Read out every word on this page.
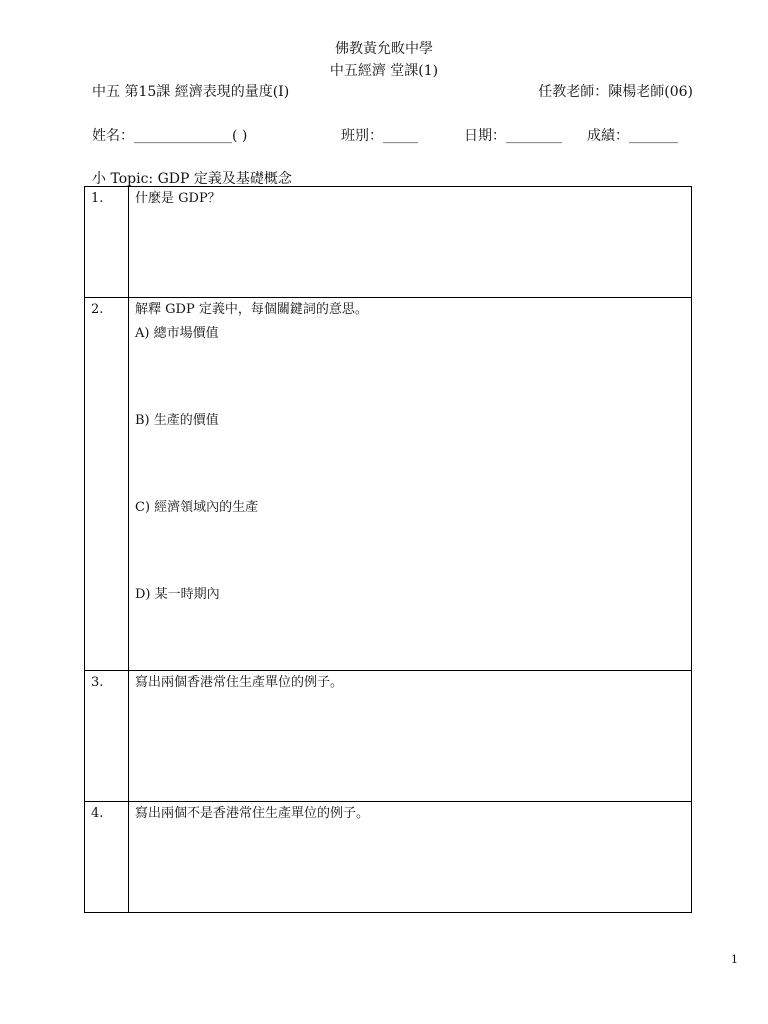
佛教黃允畋中學
中五經濟 堂課(1)
中五 第15課 經濟表現的量度(Ⅰ)	任教老師：陳楊老師(06)
姓名：______________( )	班別：_____	日期：________ 成績：_______
小 Topic: GDP 定義及基礎概念
1.	什麼是 GDP？

2.	解釋 GDP 定義中，每個關鍵詞的意思。
A) 總市場價值
B) 生產的價值
C) 經濟領域內的生產
D) 某一時期內

3.	寫出兩個香港常住生產單位的例子。

4.	寫出兩個不是香港常住生產單位的例子。
1
